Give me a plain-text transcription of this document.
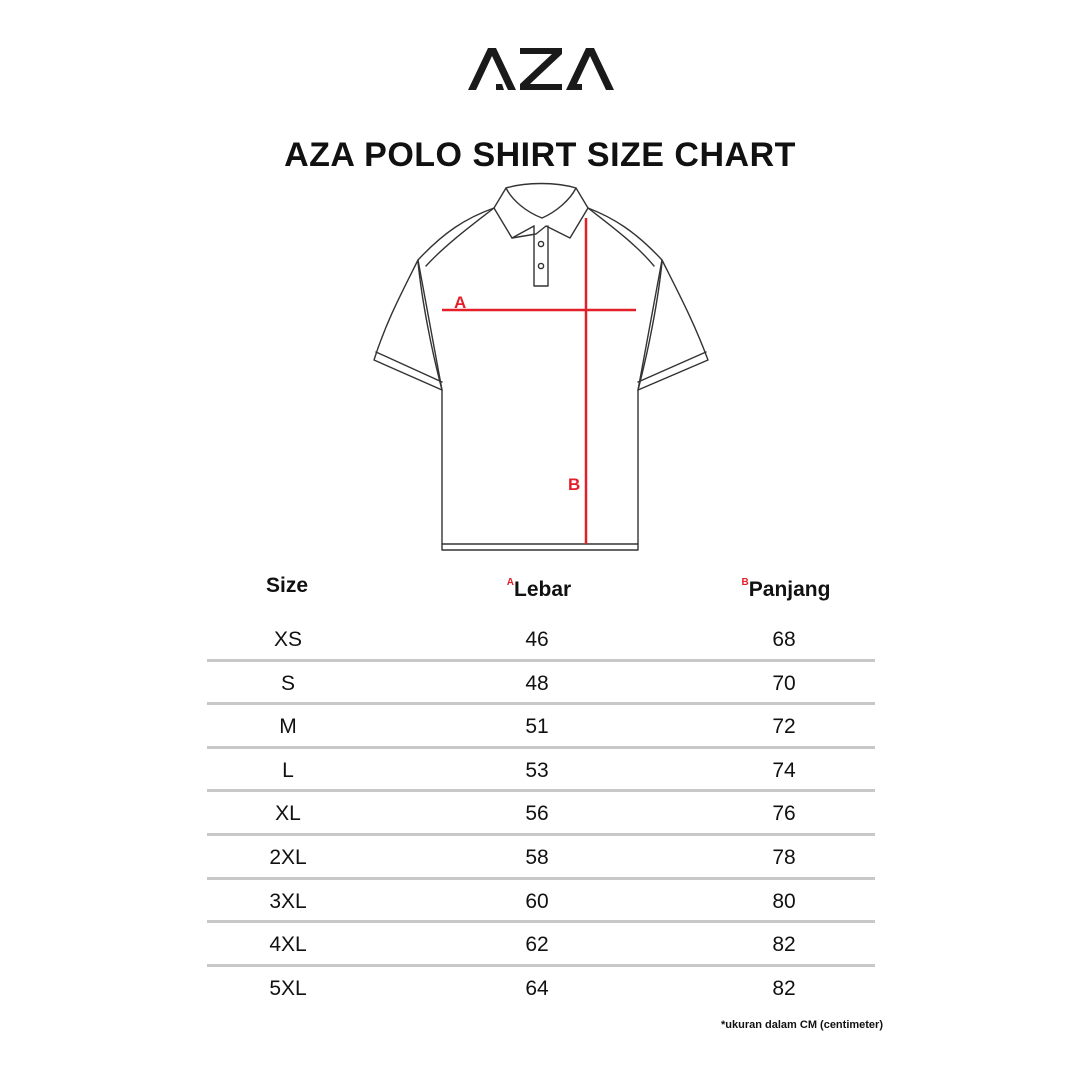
AZA POLO SHIRT SIZE CHART
A
B
Size	$^A$Lebar	$^B$Panjang
XS	46	68
S	48	70
M	51	72
L	53	74
XL	56	76
2XL	58	78
3XL	60	80
4XL	62	82
5XL	64	82
*ukuran dalam CM (centimeter)
